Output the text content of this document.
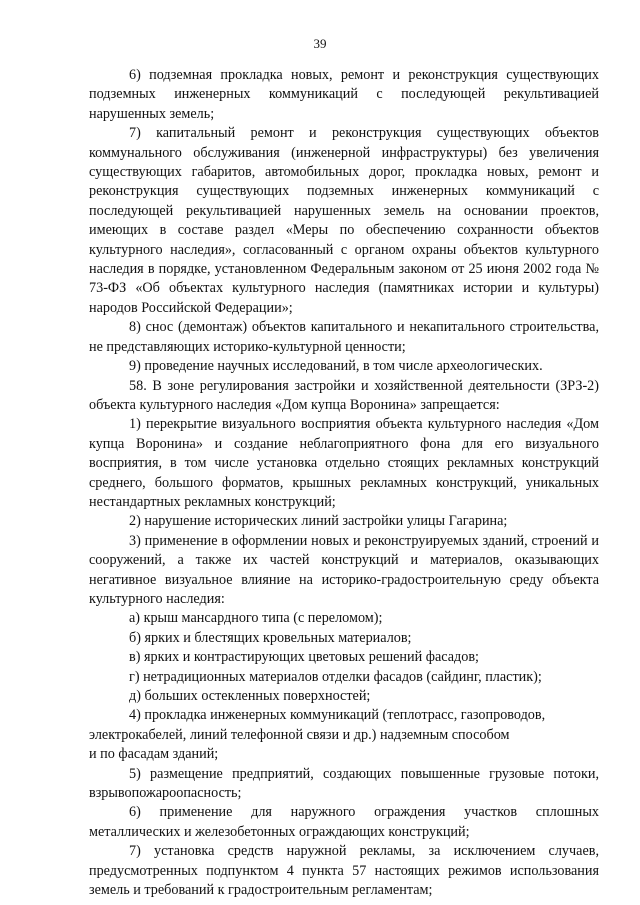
39

6) подземная прокладка новых, ремонт и реконструкция существующих подземных инженерных коммуникаций с последующей рекультивацией нарушенных земель;

7) капитальный ремонт и реконструкция существующих объектов коммунального обслуживания (инженерной инфраструктуры) без увеличения существующих габаритов, автомобильных дорог, прокладка новых, ремонт и реконструкция существующих подземных инженерных коммуникаций с последующей рекультивацией нарушенных земель на основании проектов, имеющих в составе раздел «Меры по обеспечению сохранности объектов культурного наследия», согласованный с органом охраны объектов культурного наследия в порядке, установленном Федеральным законом от 25 июня 2002 года № 73-ФЗ «Об объектах культурного наследия (памятниках истории и культуры) народов Российской Федерации»;

8) снос (демонтаж) объектов капитального и некапитального строительства, не представляющих историко-культурной ценности;

9) проведение научных исследований, в том числе археологических.

58. В зоне регулирования застройки и хозяйственной деятельности (ЗРЗ-2) объекта культурного наследия «Дом купца Воронина» запрещается:

1) перекрытие визуального восприятия объекта культурного наследия «Дом купца Воронина» и создание неблагоприятного фона для его визуального восприятия, в том числе установка отдельно стоящих рекламных конструкций среднего, большого форматов, крышных рекламных конструкций, уникальных нестандартных рекламных конструкций;

2) нарушение исторических линий застройки улицы Гагарина;

3) применение в оформлении новых и реконструируемых зданий, строений и сооружений, а также их частей конструкций и материалов, оказывающих негативное визуальное влияние на историко-градостроительную среду объекта культурного наследия:

а) крыш мансардного типа (с переломом);

б) ярких и блестящих кровельных материалов;

в) ярких и контрастирующих цветовых решений фасадов;

г) нетрадиционных материалов отделки фасадов (сайдинг, пластик);

д) больших остекленных поверхностей;

4) прокладка инженерных коммуникаций (теплотрасс, газопроводов,

электрокабелей, линий телефонной связи и др.) надземным способом

и по фасадам зданий;

5) размещение предприятий, создающих повышенные грузовые потоки, взрывопожароопасность;

6) применение для наружного ограждения участков сплошных металлических и железобетонных ограждающих конструкций;

7) установка средств наружной рекламы, за исключением случаев, предусмотренных подпунктом 4 пункта 57 настоящих режимов использования земель и требований к градостроительным регламентам;
